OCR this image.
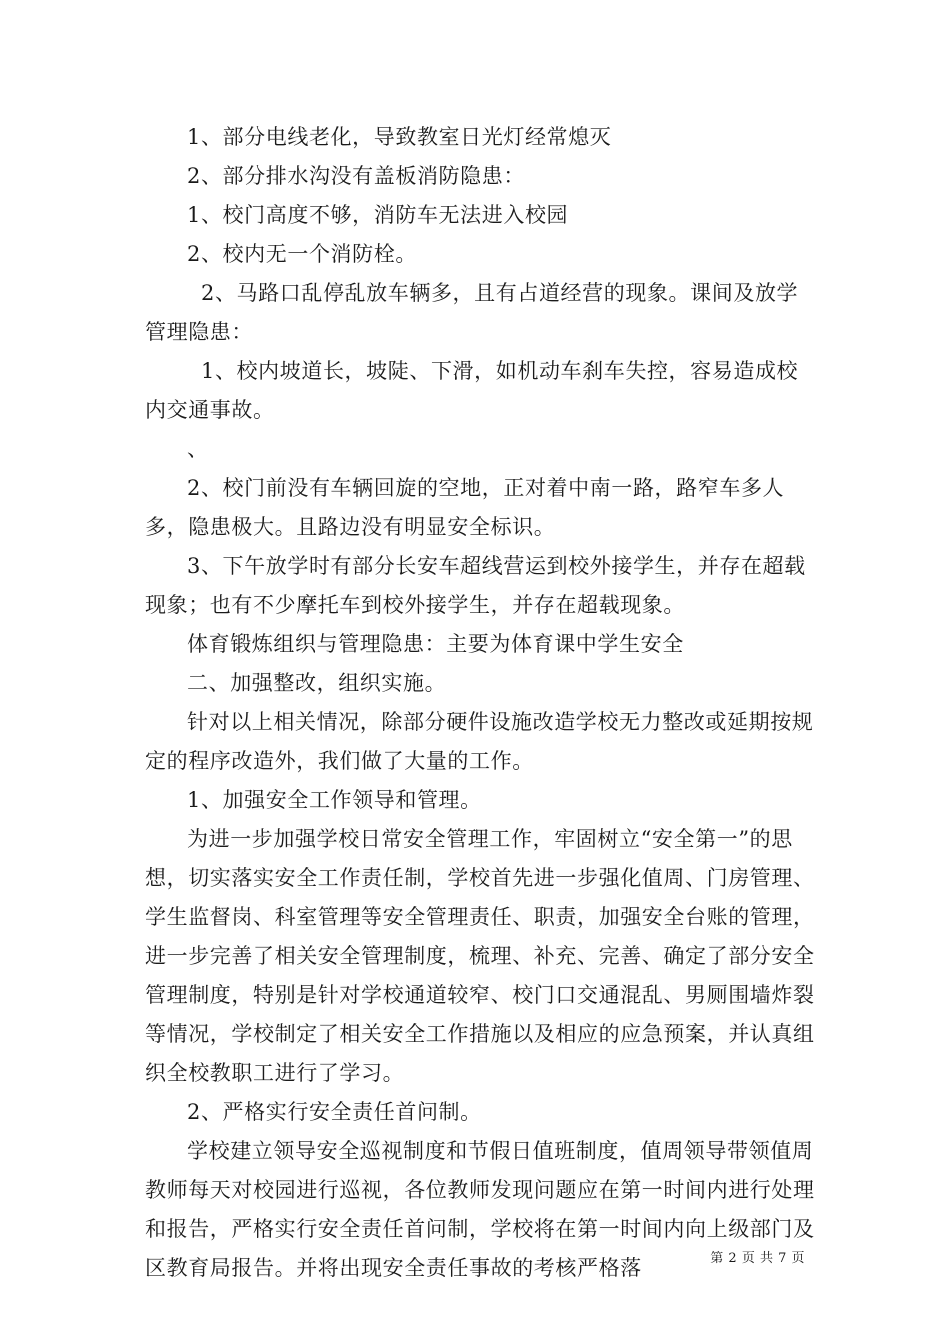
1、部分电线老化，导致教室日光灯经常熄灭

2、部分排水沟没有盖板消防隐患：

1、校门高度不够，消防车无法进入校园

2、校内无一个消防栓。

2、马路口乱停乱放车辆多，且有占道经营的现象。课间及放学管理隐患：

1、校内坡道长，坡陡、下滑，如机动车刹车失控，容易造成校内交通事故。

、

2、校门前没有车辆回旋的空地，正对着中南一路，路窄车多人多，隐患极大。且路边没有明显安全标识。

3、下午放学时有部分长安车超线营运到校外接学生，并存在超载现象；也有不少摩托车到校外接学生，并存在超载现象。

体育锻炼组织与管理隐患：主要为体育课中学生安全

二、加强整改，组织实施。

针对以上相关情况，除部分硬件设施改造学校无力整改或延期按规定的程序改造外，我们做了大量的工作。

1、加强安全工作领导和管理。

为进一步加强学校日常安全管理工作，牢固树立“安全第一”的思想，切实落实安全工作责任制，学校首先进一步强化值周、门房管理、学生监督岗、科室管理等安全管理责任、职责，加强安全台账的管理，进一步完善了相关安全管理制度，梳理、补充、完善、确定了部分安全管理制度，特别是针对学校通道较窄、校门口交通混乱、男厕围墙炸裂等情况，学校制定了相关安全工作措施以及相应的应急预案，并认真组织全校教职工进行了学习。

2、严格实行安全责任首问制。

学校建立领导安全巡视制度和节假日值班制度，值周领导带领值周教师每天对校园进行巡视，各位教师发现问题应在第一时间内进行处理和报告，严格实行安全责任首问制，学校将在第一时间内向上级部门及区教育局报告。并将出现安全责任事故的考核严格落	第 2 页 共 7 页
